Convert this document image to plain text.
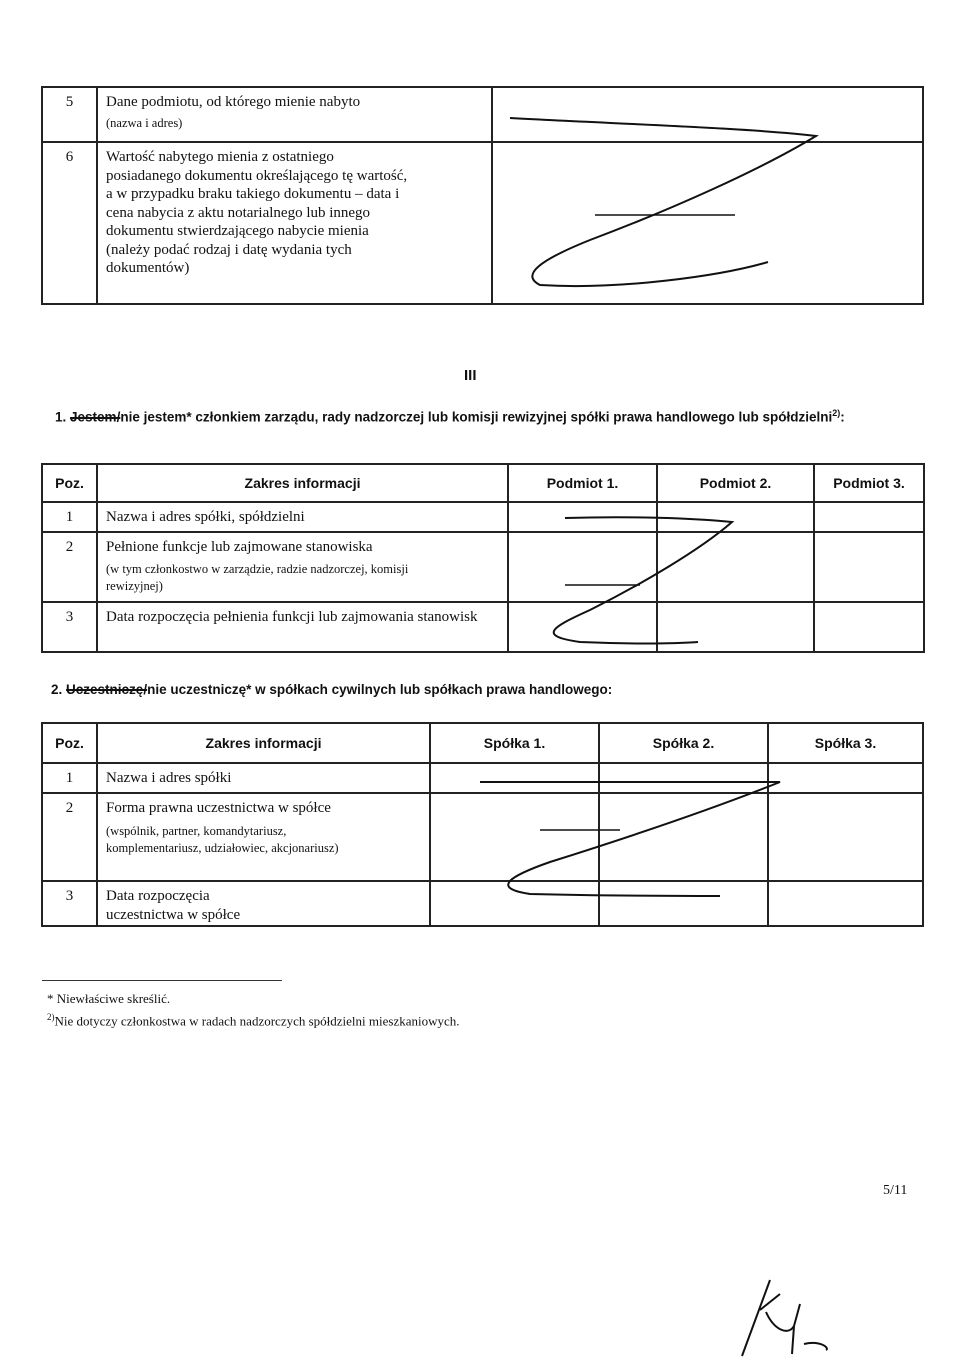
5	Dane podmiotu, od którego mienie nabyto
(nazwa i adres)	

6	Wartość nabytego mienia z ostatniego posiadanego dokumentu określającego tę wartość, a w przypadku braku takiego dokumentu – data i cena nabycia z aktu notarialnego lub innego dokumentu stwierdzającego nabycie mienia (należy podać rodzaj i datę wydania tych dokumentów)	
III
1. Jestem/nie jestem* członkiem zarządu, rady nadzorczej lub komisji rewizyjnej spółki prawa handlowego lub spółdzielni$^{2)}$:
Poz.	Zakres informacji	Podmiot 1.	Podmiot 2.	Podmiot 3.
1	Nazwa i adres spółki, spółdzielni			
2	Pełnione funkcje lub zajmowane stanowiska
(w tym członkostwo w zarządzie, radzie nadzorczej, komisji rewizyjnej)			

3	Data rozpoczęcia pełnienia funkcji lub zajmowania stanowisk			
2. Uczestniczę/nie uczestniczę* w spółkach cywilnych lub spółkach prawa handlowego:
Poz.	Zakres informacji	Spółka 1.	Spółka 2.	Spółka 3.
1	Nazwa i adres spółki			
2	Forma prawna uczestnictwa w spółce
(wspólnik, partner, komandytariusz, komplementariusz, udziałowiec, akcjonariusz)			

3	Data rozpoczęcia uczestnictwa w spółce			
* Niewłaściwe skreślić.
$^{2)}$Nie dotyczy członkostwa w radach nadzorczych spółdzielni mieszkaniowych.
5/11
